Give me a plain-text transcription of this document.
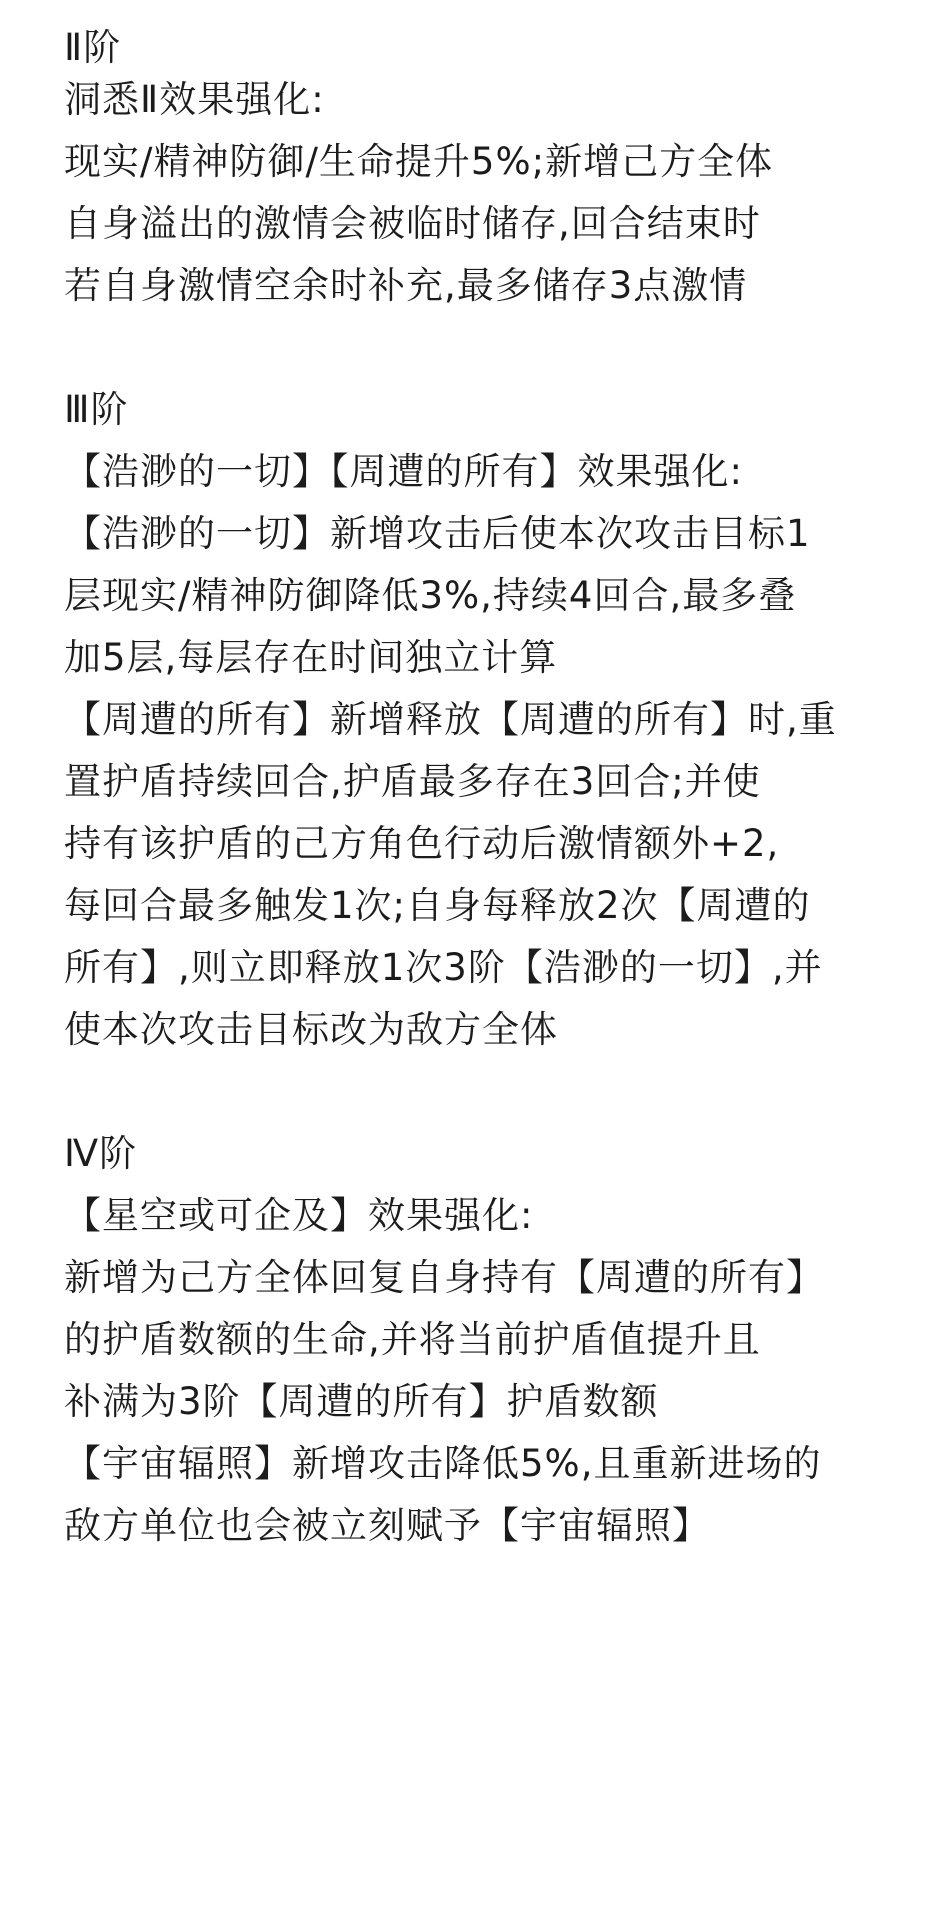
Ⅱ阶
洞悉Ⅱ效果强化:
现实/精神防御/生命提升5%;新增己方全体
自身溢出的激情会被临时储存,回合结束时
若自身激情空余时补充,最多储存3点激情
Ⅲ阶
【浩渺的一切】【周遭的所有】效果强化:
【浩渺的一切】新增攻击后使本次攻击目标1
层现实/精神防御降低3%,持续4回合,最多叠
加5层,每层存在时间独立计算
【周遭的所有】新增释放【周遭的所有】时,重
置护盾持续回合,护盾最多存在3回合;并使
持有该护盾的己方角色行动后激情额外+2,
每回合最多触发1次;自身每释放2次【周遭的
所有】,则立即释放1次3阶【浩渺的一切】,并
使本次攻击目标改为敌方全体
Ⅳ阶
【星空或可企及】效果强化:
新增为己方全体回复自身持有【周遭的所有】
的护盾数额的生命,并将当前护盾值提升且
补满为3阶【周遭的所有】护盾数额
【宇宙辐照】新增攻击降低5%,且重新进场的
敌方单位也会被立刻赋予【宇宙辐照】
